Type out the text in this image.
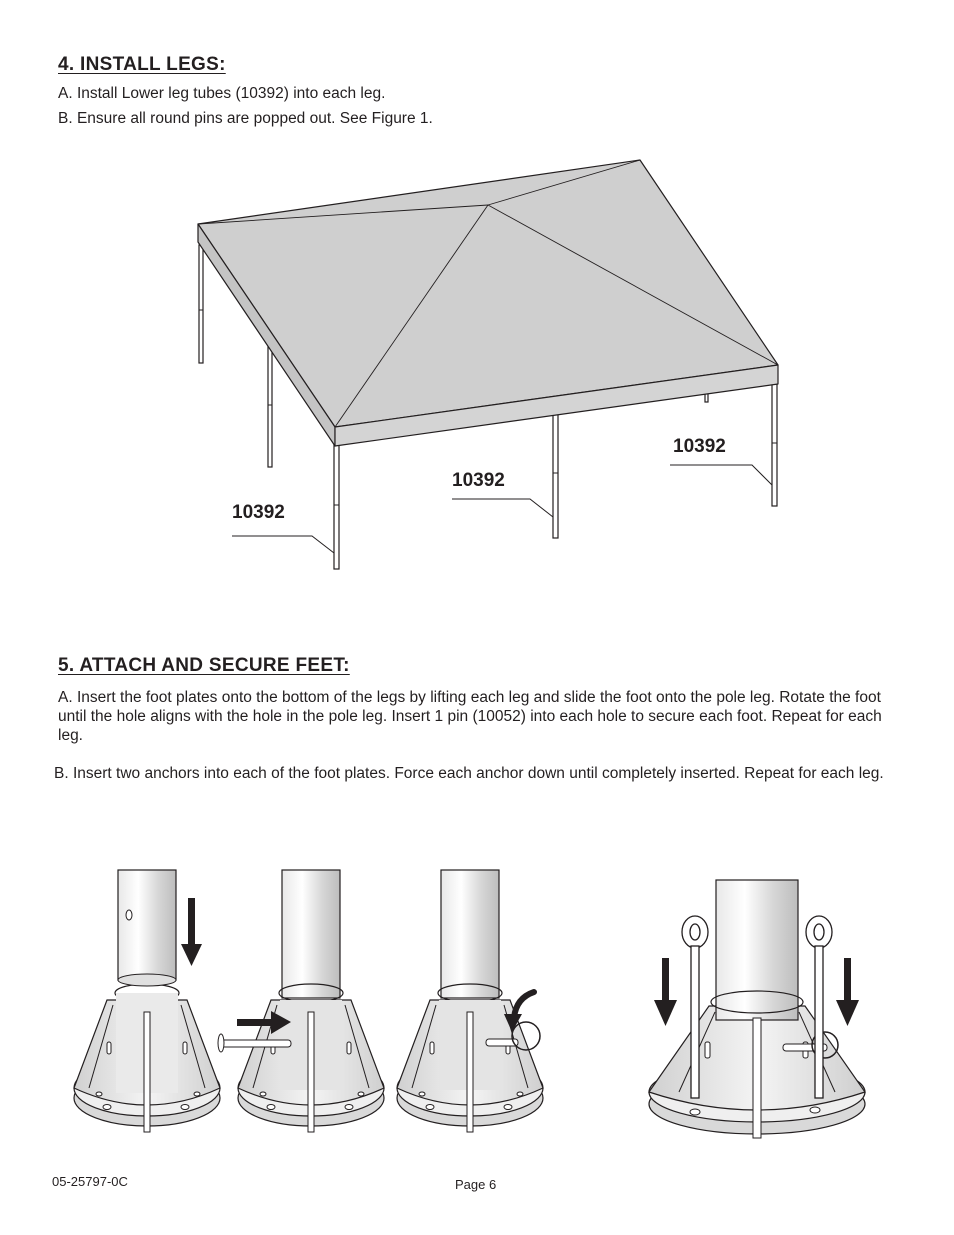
4. INSTALL LEGS:

A. Install Lower leg tubes (10392) into each leg.

B. Ensure all round pins are popped out. See Figure 1.

10392
10392
10392
5. ATTACH AND SECURE FEET:

A. Insert the foot plates onto the bottom of the legs by lifting each leg and slide the foot onto the pole leg. Rotate the foot until the hole aligns with the hole in the pole leg. Insert 1 pin (10052) into each hole to secure each foot. Repeat for each leg.

B. Insert two anchors into each of the foot plates. Force each anchor down until completely inserted. Repeat for each leg.

05-25797-0C	Page 6
